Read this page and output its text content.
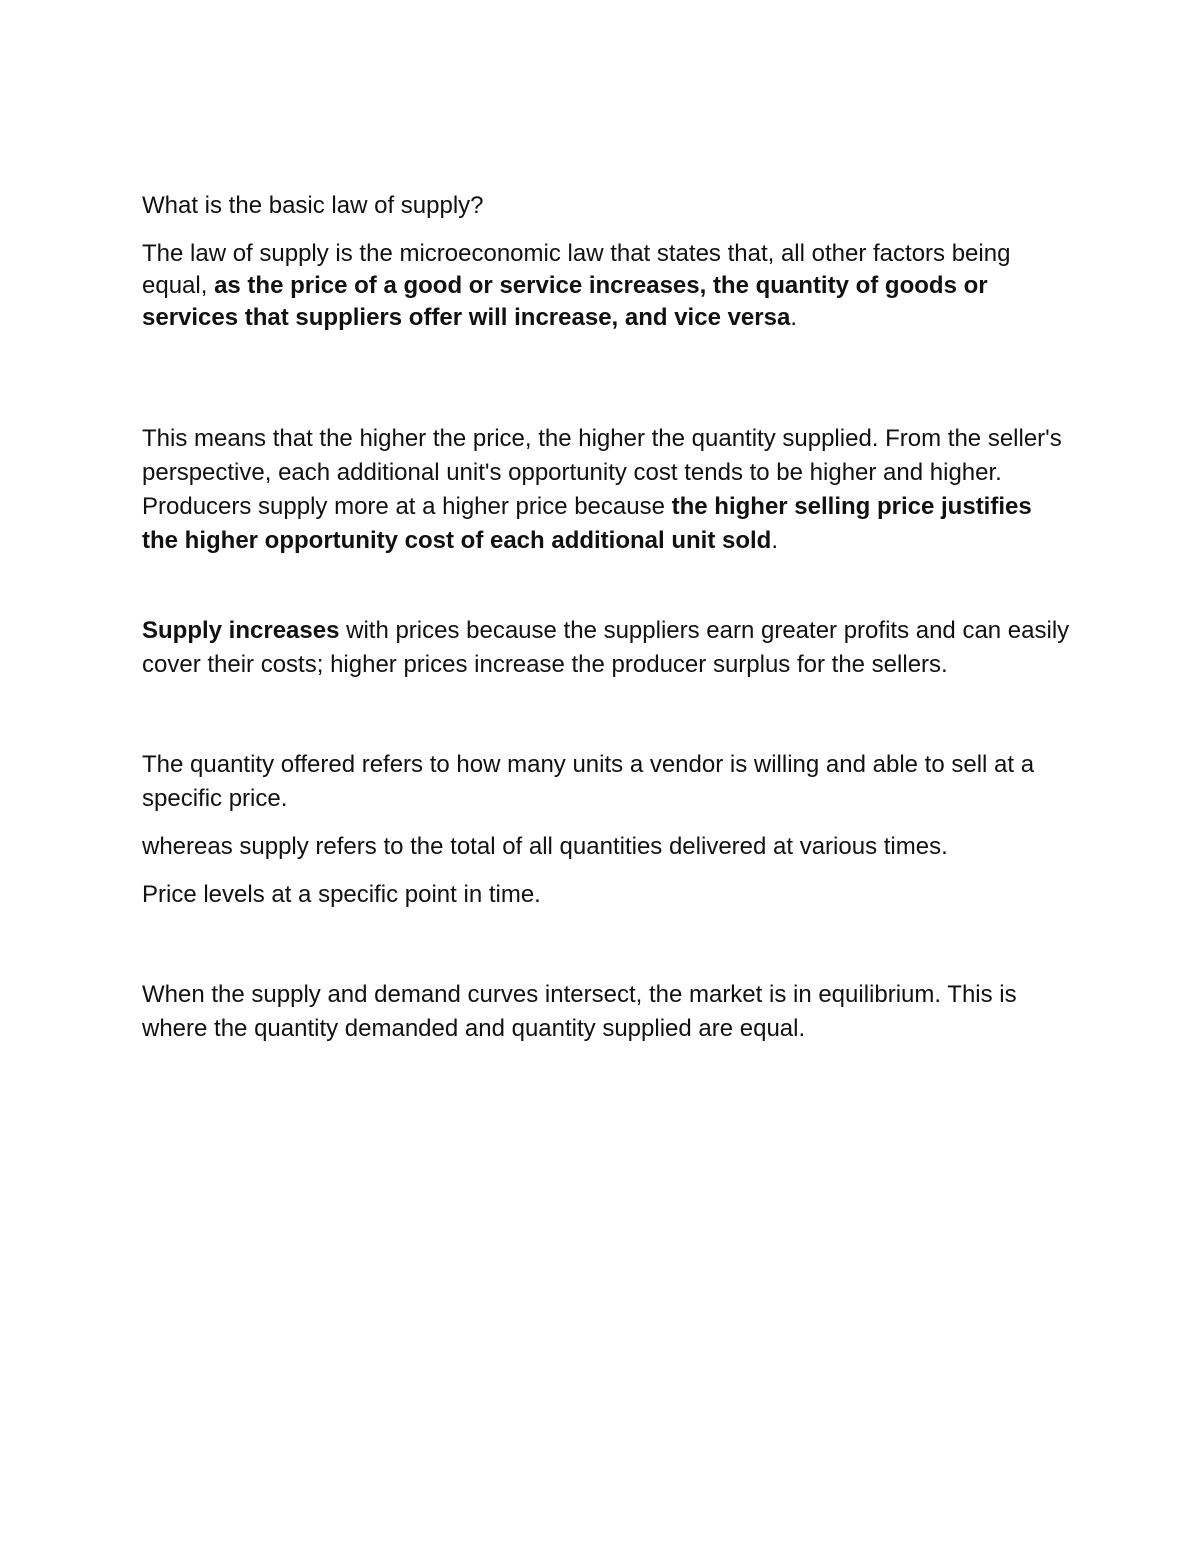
What is the basic law of supply?

The law of supply is the microeconomic law that states that, all other factors being equal, as the price of a good or service increases, the quantity of goods or services that suppliers offer will increase, and vice versa.

This means that the higher the price, the higher the quantity supplied. From the seller's perspective, each additional unit's opportunity cost tends to be higher and higher. Producers supply more at a higher price because the higher selling price justifies the higher opportunity cost of each additional unit sold.

Supply increases with prices because the suppliers earn greater profits and can easily cover their costs; higher prices increase the producer surplus for the sellers.

The quantity offered refers to how many units a vendor is willing and able to sell at a specific price.

whereas supply refers to the total of all quantities delivered at various times.

Price levels at a specific point in time.

When the supply and demand curves intersect, the market is in equilibrium. This is where the quantity demanded and quantity supplied are equal.
